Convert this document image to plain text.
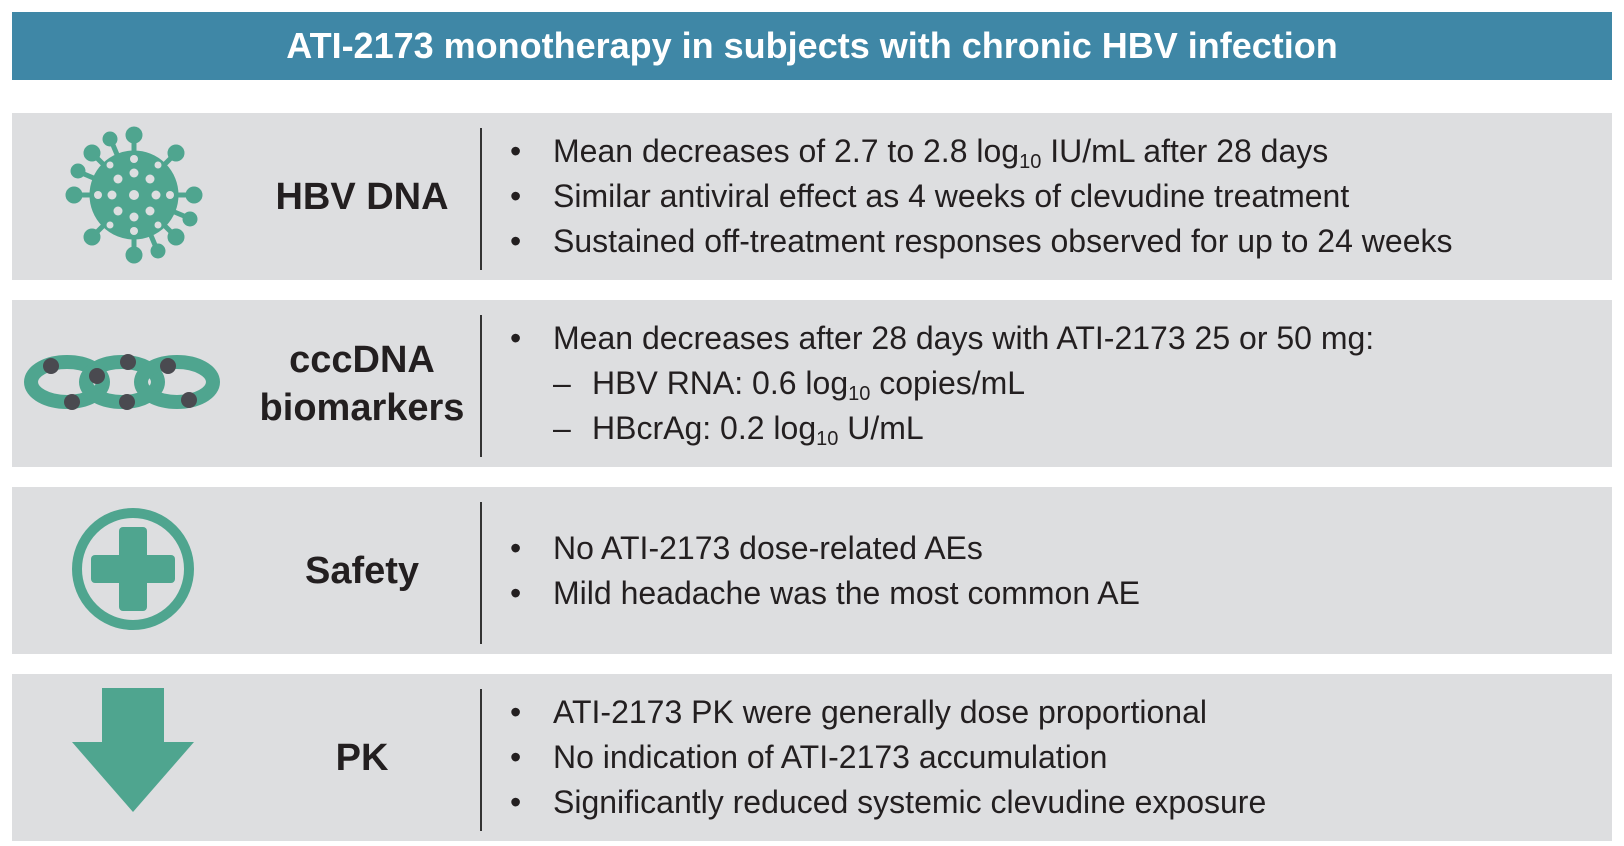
ATI-2173 monotherapy in subjects with chronic HBV infection
HBV DNA
• Mean decreases of 2.7 to 2.8 $\log_{10} IU/mL$ after 28 days
• Similar antiviral effect as 4 weeks of clevudine treatment
• Sustained off-treatment responses observed for up to 24 weeks
cccDNA
biomarkers
• Mean decreases after 28 days with ATI-2173 25 or 50 mg:
– HBV RNA: 0.6 $\log_{10}$ copies/mL
– HBcrAg: 0.2 $\log_{10} U/mL$
Safety
• No ATI-2173 dose-related AEs
• Mild headache was the most common AE
PK
• ATI-2173 PK were generally dose proportional
• No indication of ATI-2173 accumulation
• Significantly reduced systemic clevudine exposure
